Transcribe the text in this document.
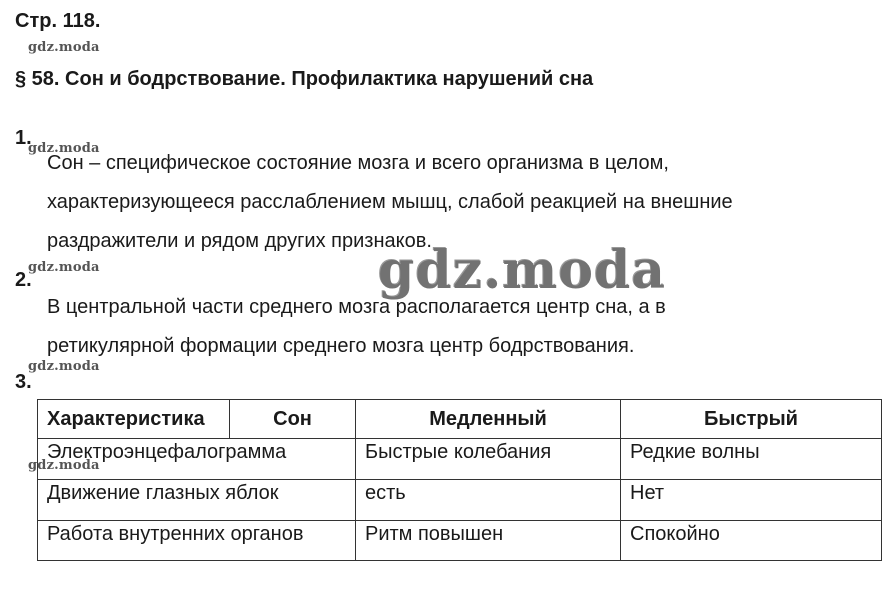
Стр. 118.
gdz.moda
§ 58. Сон и бодрствование. Профилактика нарушений сна
1.
gdz.moda
Сон – специфическое состояние мозга и всего организма в целом,
характеризующееся расслаблением мышц, слабой реакцией на внешние
раздражители и рядом других признаков.
gdz.moda
gdz.moda
2.
В центральной части среднего мозга располагается центр сна, а в
ретикулярной формации среднего мозга центр бодрствования.
gdz.moda
3.
Характеристика	Сон	Медленный	Быстрый
Электроэнцефалограмма		Быстрые колебания	Редкие волны
Движение глазных яблок		есть	Нет
Работа внутренних органов		Ритм повышен	Спокойно
gdz.moda
